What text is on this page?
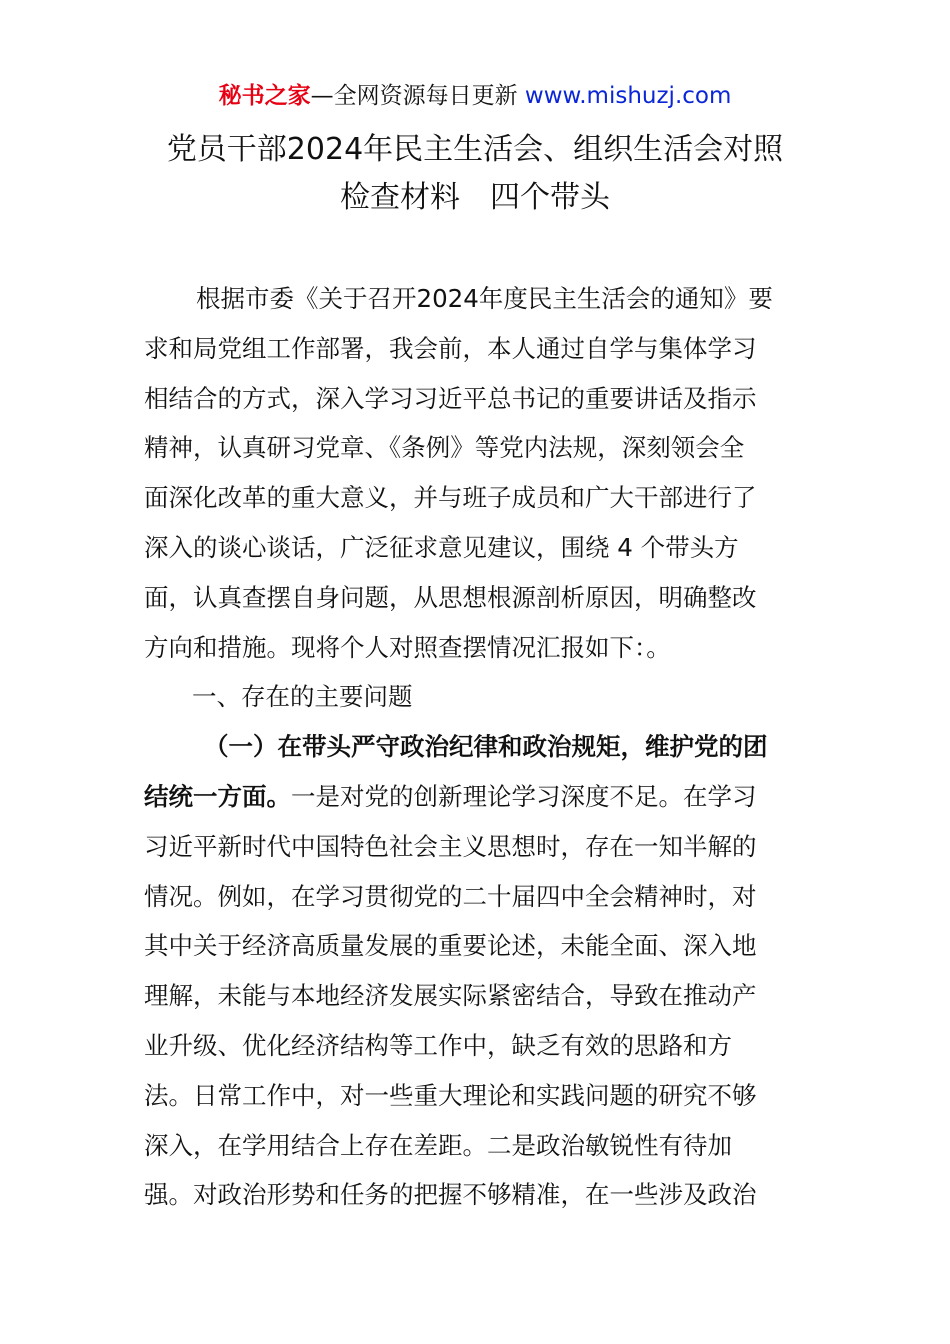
秘书之家—全网资源每日更新 www.mishuzj.com
党员干部2024年民主生活会、组织生活会对照
检查材料　四个带头
根据市委《关于召开2024年度民主生活会的通知》要
求和局党组工作部署，我会前，本人通过自学与集体学习
相结合的方式，深入学习习近平总书记的重要讲话及指示
精神，认真研习党章、《条例》等党内法规，深刻领会全
面深化改革的重大意义，并与班子成员和广大干部进行了
深入的谈心谈话，广泛征求意见建议，围绕 4 个带头方
面，认真查摆自身问题，从思想根源剖析原因，明确整改
方向和措施。现将个人对照查摆情况汇报如下：。
一、存在的主要问题
（一）在带头严守政治纪律和政治规矩，维护党的团
结统一方面。一是对党的创新理论学习深度不足。在学习
习近平新时代中国特色社会主义思想时，存在一知半解的
情况。例如，在学习贯彻党的二十届四中全会精神时，对
其中关于经济高质量发展的重要论述，未能全面、深入地
理解，未能与本地经济发展实际紧密结合，导致在推动产
业升级、优化经济结构等工作中，缺乏有效的思路和方
法。日常工作中，对一些重大理论和实践问题的研究不够
深入，在学用结合上存在差距。二是政治敏锐性有待加
强。对政治形势和任务的把握不够精准，在一些涉及政治
